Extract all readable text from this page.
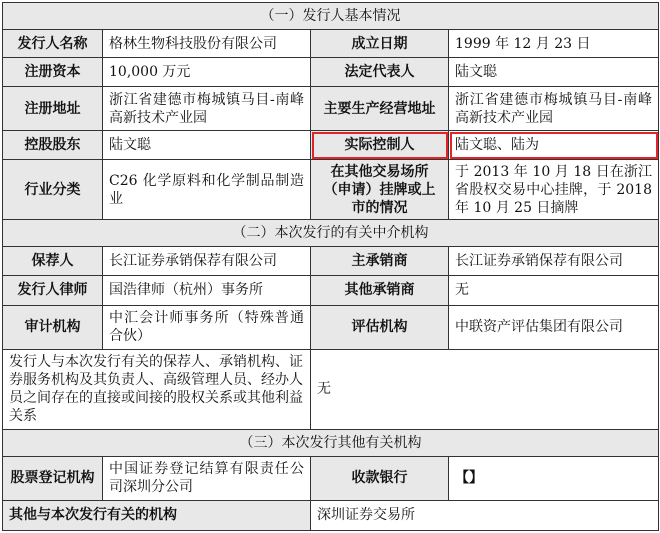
（一）发行人基本情况			
发行人名称	格林生物科技股份有限公司	成立日期	1999 年 12 月 23 日
注册资本	10,000 万元	法定代表人	陆文聪
注册地址	浙江省建德市梅城镇马目-南峰高新技术产业园	主要生产经营地址	浙江省建德市梅城镇马目-南峰高新技术产业园
控股股东	陆文聪	实际控制人	陆文聪、陆为
行业分类	C26 化学原料和化学制品制造业	在其他交易场所（申请）挂牌或上市的情况	于 2013 年 10 月 18 日在浙江省股权交易中心挂牌，于 2018 年 10 月 25 日摘牌
（二）本次发行的有关中介机构			
保荐人	长江证券承销保荐有限公司	主承销商	长江证券承销保荐有限公司
发行人律师	国浩律师（杭州）事务所	其他承销商	无
审计机构	中汇会计师事务所（特殊普通合伙）	评估机构	中联资产评估集团有限公司
发行人与本次发行有关的保荐人、承销机构、证券服务机构及其负责人、高级管理人员、经办人员之间存在的直接或间接的股权关系或其他利益关系		无	
（三）本次发行其他有关机构			
股票登记机构	中国证券登记结算有限责任公司深圳分公司	收款银行	【】
其他与本次发行有关的机构		深圳证券交易所	
